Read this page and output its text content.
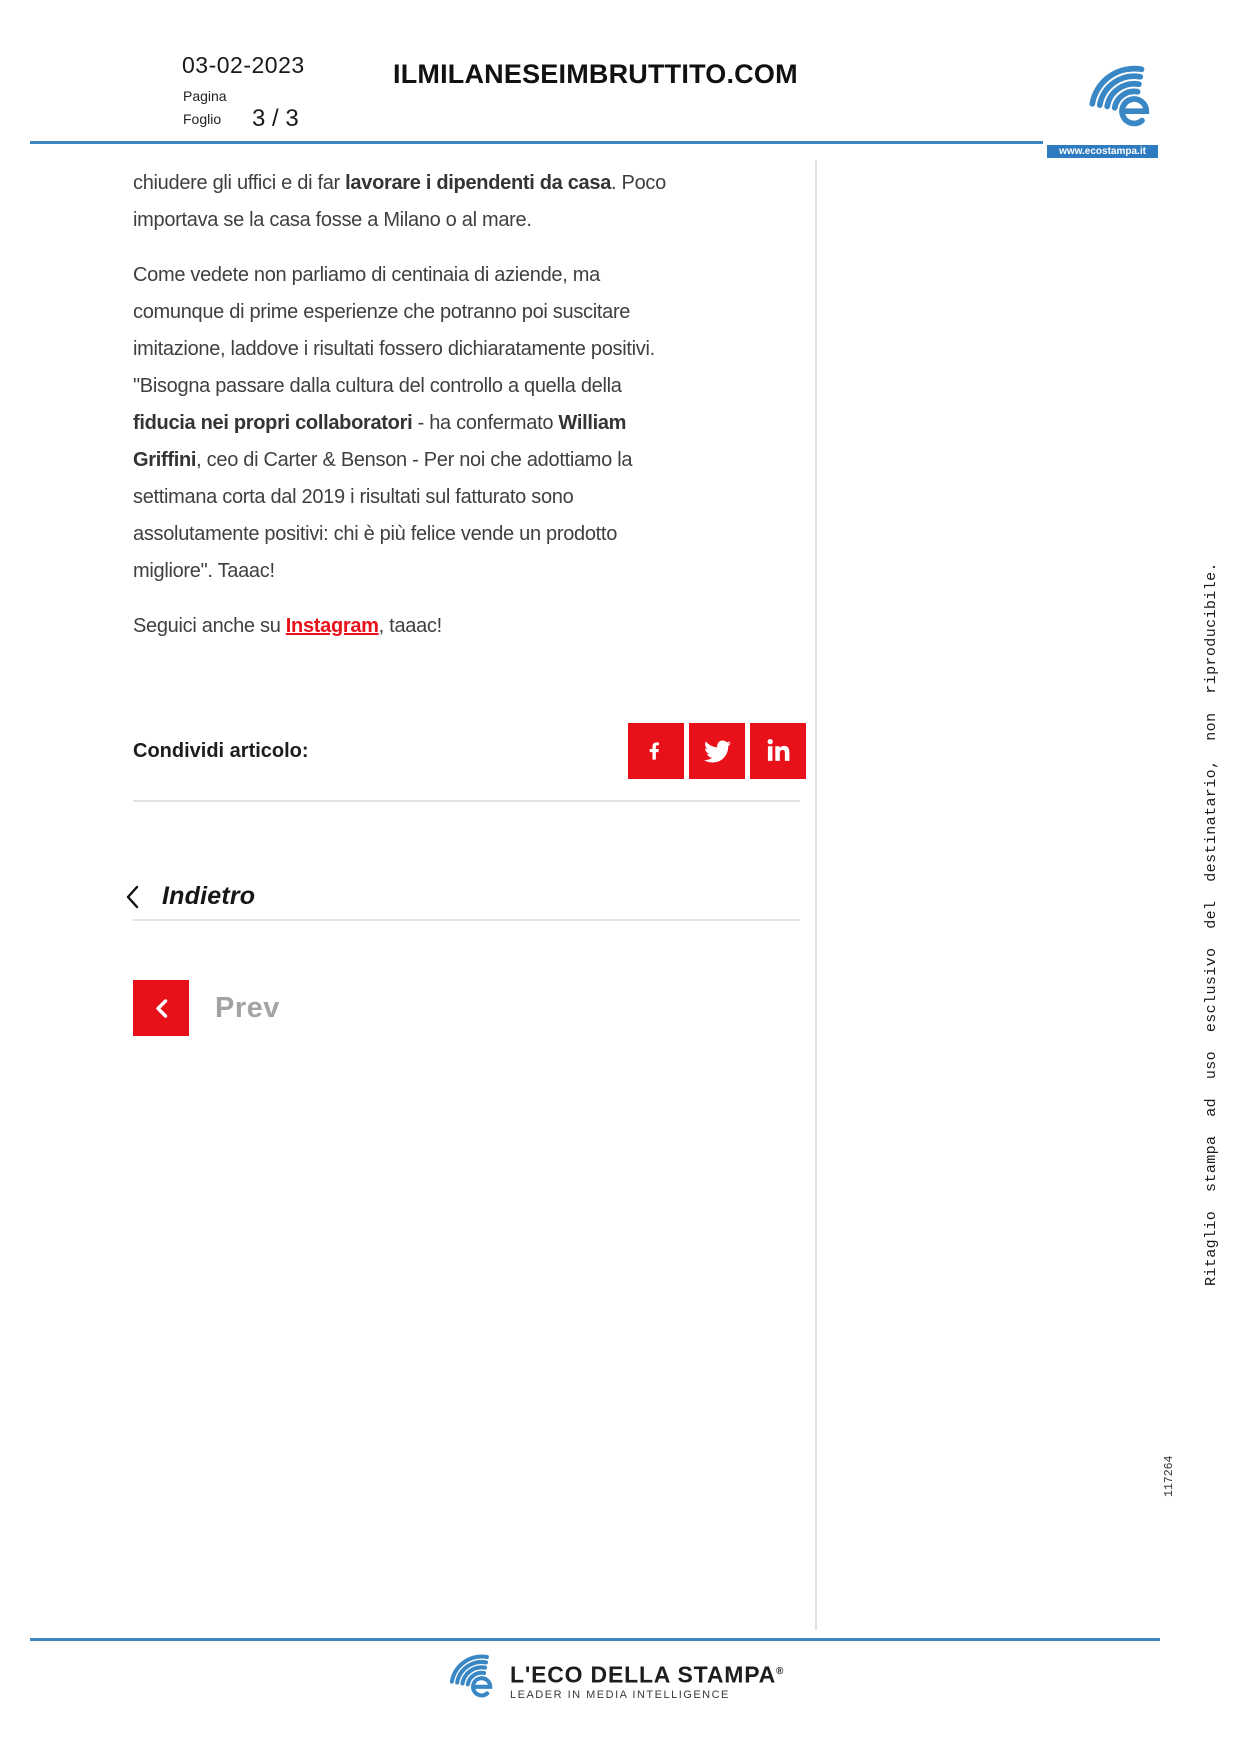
03-02-2023
Pagina
Foglio 3 / 3
ILMILANESEIMBRUTTITO.COM
www.ecostampa.it
chiudere gli uffici e di far lavorare i dipendenti da casa. Poco
importava se la casa fosse a Milano o al mare.
Come vedete non parliamo di centinaia di aziende, ma
comunque di prime esperienze che potranno poi suscitare
imitazione, laddove i risultati fossero dichiaratamente positivi.
"Bisogna passare dalla cultura del controllo a quella della
fiducia nei propri collaboratori - ha confermato William
Griffini, ceo di Carter & Benson - Per noi che adottiamo la
settimana corta dal 2019 i risultati sul fatturato sono
assolutamente positivi: chi è più felice vende un prodotto
migliore". Taaac!
Seguici anche su Instagram, taaac!
Condividi articolo:
Indietro
Prev	Ritaglio  stampa  ad  uso  esclusivo  del  destinatario,  non  riproducibile.
117264
L'ECO DELLA STAMPA®
LEADER IN MEDIA INTELLIGENCE
